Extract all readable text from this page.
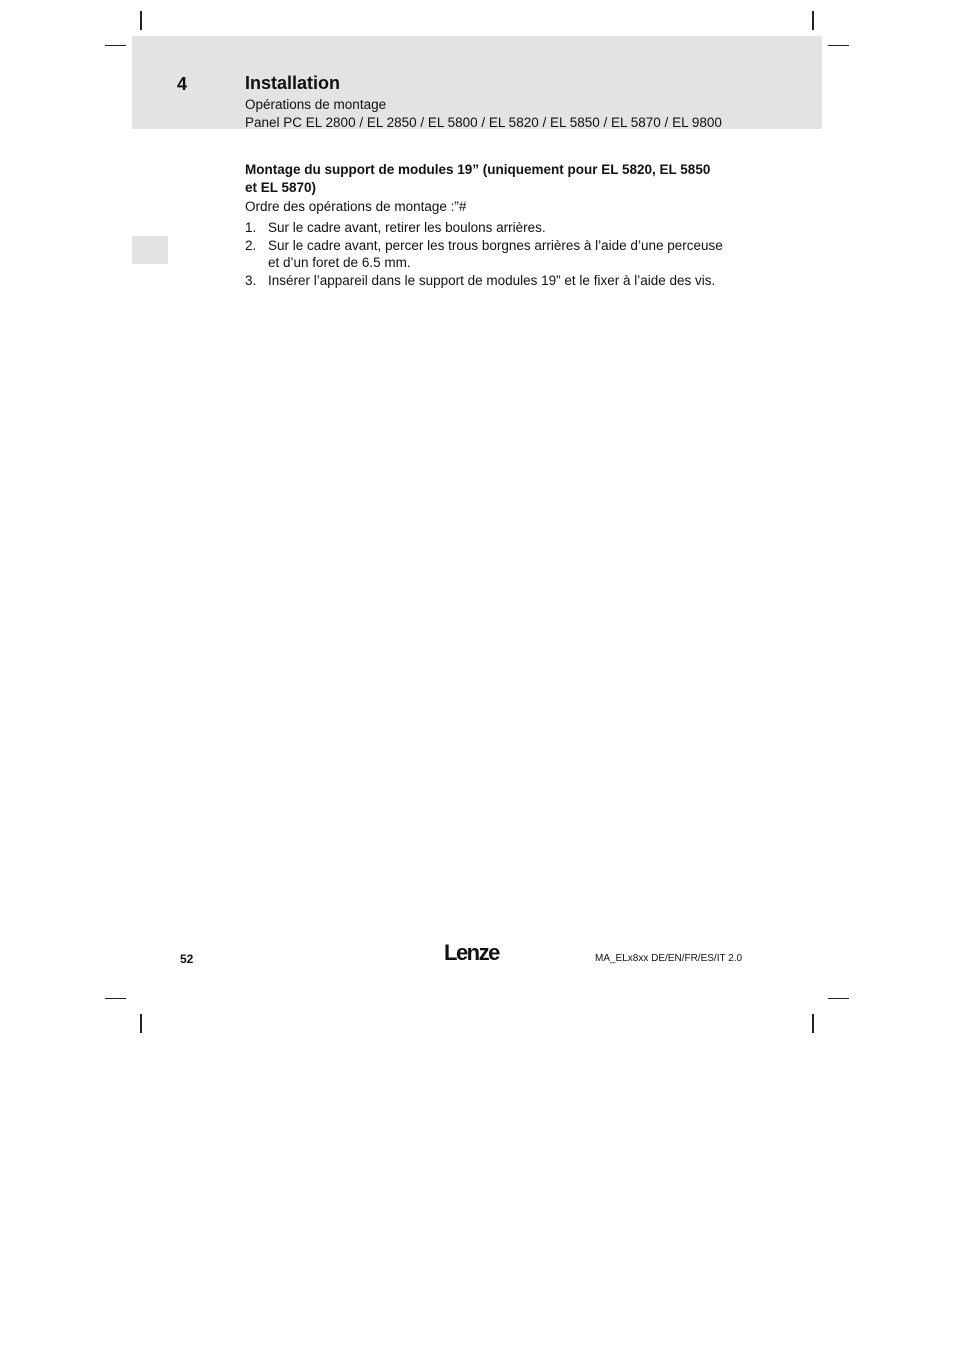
4	Installation
Opérations de montage
Panel PC EL 2800 / EL 2850 / EL 5800 / EL 5820 / EL 5850 / EL 5870 / EL 9800
Montage du support de modules 19” (uniquement pour EL 5820, EL 5850 et EL 5870)
Ordre des opérations de montage :”#
1. Sur le cadre avant, retirer les boulons arrières.
2. Sur le cadre avant, percer les trous borgnes arrières à l’aide d’une perceuse et d’un foret de 6.5 mm.
3. Insérer l’appareil dans le support de modules 19” et le fixer à l’aide des vis.
52	Lenze	MA_ELx8xx DE/EN/FR/ES/IT 2.0
